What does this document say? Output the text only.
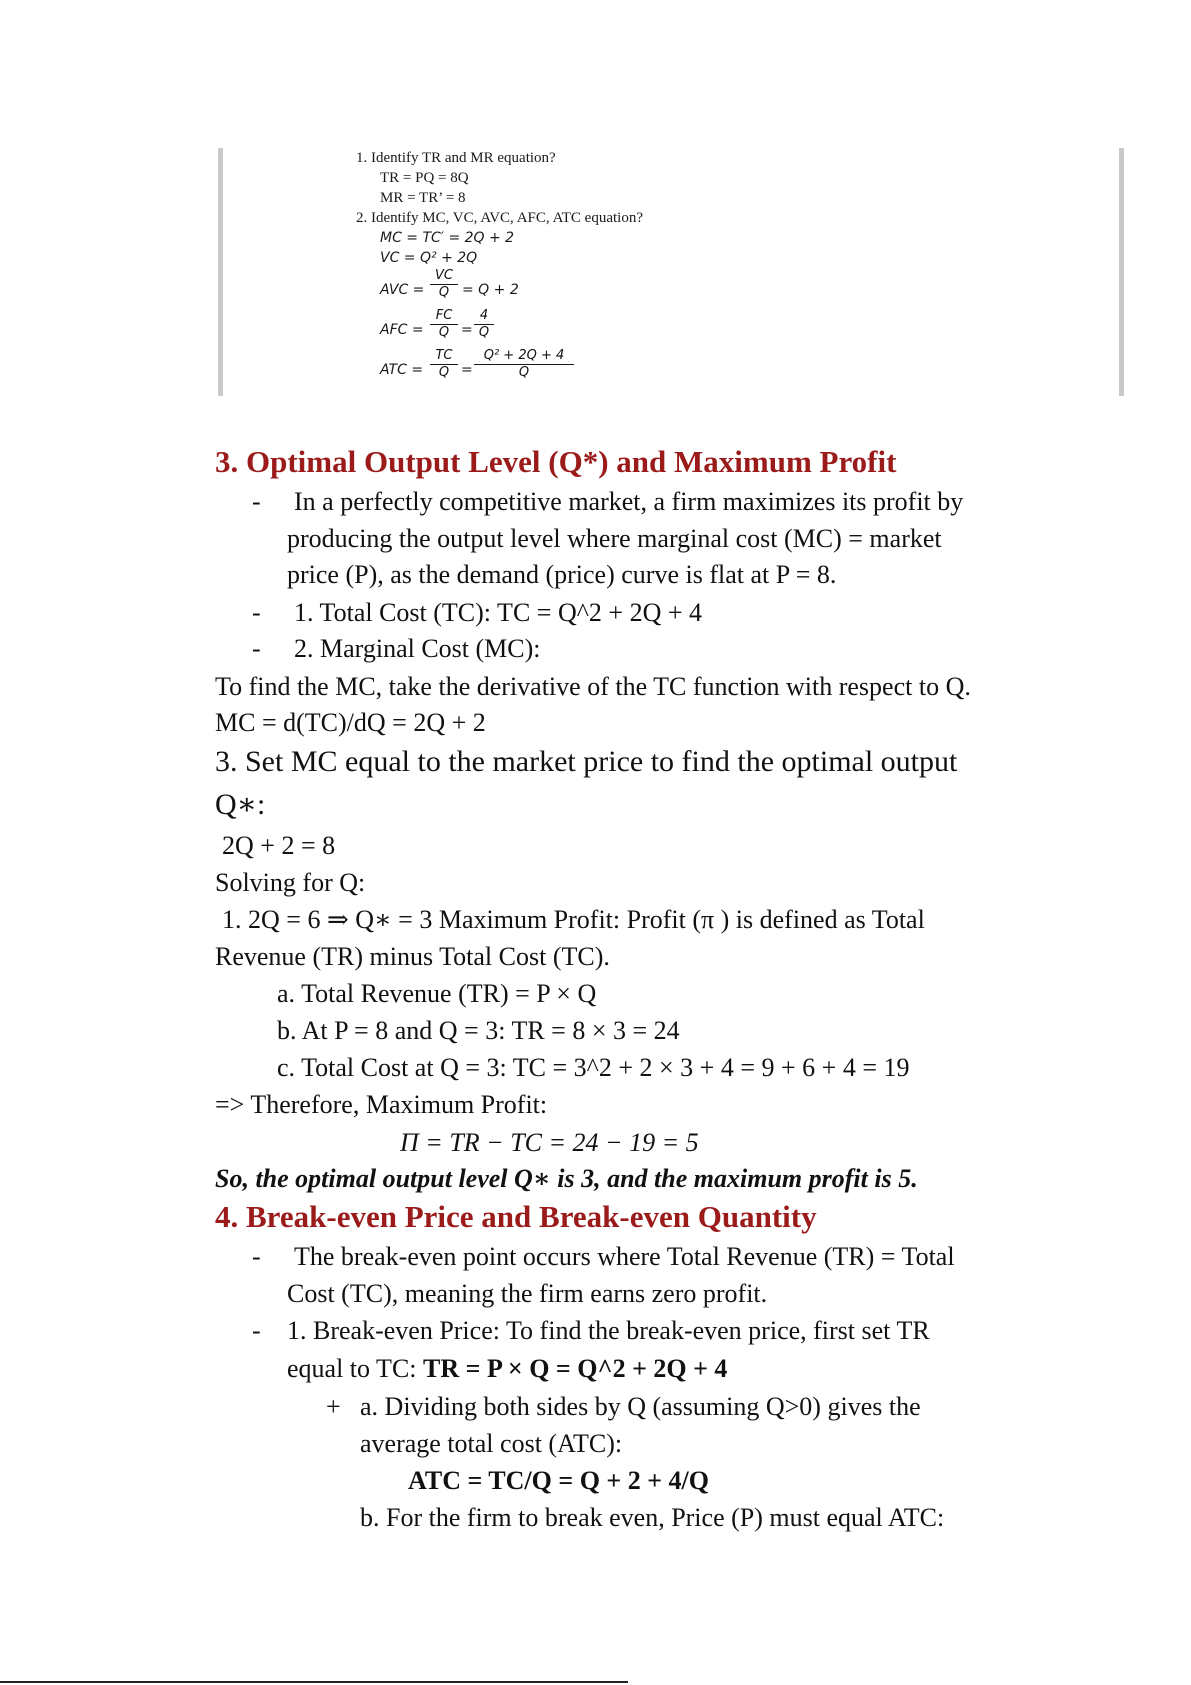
1. Identify TR and MR equation?
TR = PQ = 8Q
MR = TR’ = 8
2. Identify MC, VC, AVC, AFC, ATC equation?
MC = TC′ = 2Q + 2
VC = Q² + 2Q
AVC = $\frac{VC}{Q} = Q + 2$
AFC = $\frac{FC}{Q} = \frac{4}{Q}$
ATC = $\frac{TC}{Q} = \frac{\text{Q² + 2Q + 4}}{Q}$
3. Optimal Output Level (Q*) and Maximum Profit
- In a perfectly competitive market, a firm maximizes its profit by
producing the output level where marginal cost (MC) = market
price (P), as the demand (price) curve is flat at P = 8.
- 1. Total Cost (TC): TC = Q^2 + 2Q + 4
- 2. Marginal Cost (MC):
To find the MC, take the derivative of the TC function with respect to Q.
MC = d(TC)/dQ = 2Q + 2
3. Set MC equal to the market price to find the optimal output
Q∗:
2Q + 2 = 8
Solving for Q:
1. 2Q = 6 ⇒ Q∗ = 3 Maximum Profit: Profit (π ) is defined as Total
Revenue (TR) minus Total Cost (TC).
a. Total Revenue (TR) = P × Q
b. At P = 8 and Q = 3: TR = 8 × 3 = 24
c. Total Cost at Q = 3: TC = 3^2 + 2 × 3 + 4 = 9 + 6 + 4 = 19
=> Therefore, Maximum Profit:
Π = TR − TC = 24 − 19 = 5
So, the optimal output level Q∗ is 3, and the maximum profit is 5.
4. Break-even Price and Break-even Quantity
- The break-even point occurs where Total Revenue (TR) = Total
Cost (TC), meaning the firm earns zero profit.
- 1. Break-even Price: To find the break-even price, first set TR
equal to TC: TR = P × Q = Q^2 + 2Q + 4
+ a. Dividing both sides by Q (assuming Q>0) gives the
average total cost (ATC):
ATC = TC/Q = Q + 2 + 4/Q
b. For the firm to break even, Price (P) must equal ATC:
